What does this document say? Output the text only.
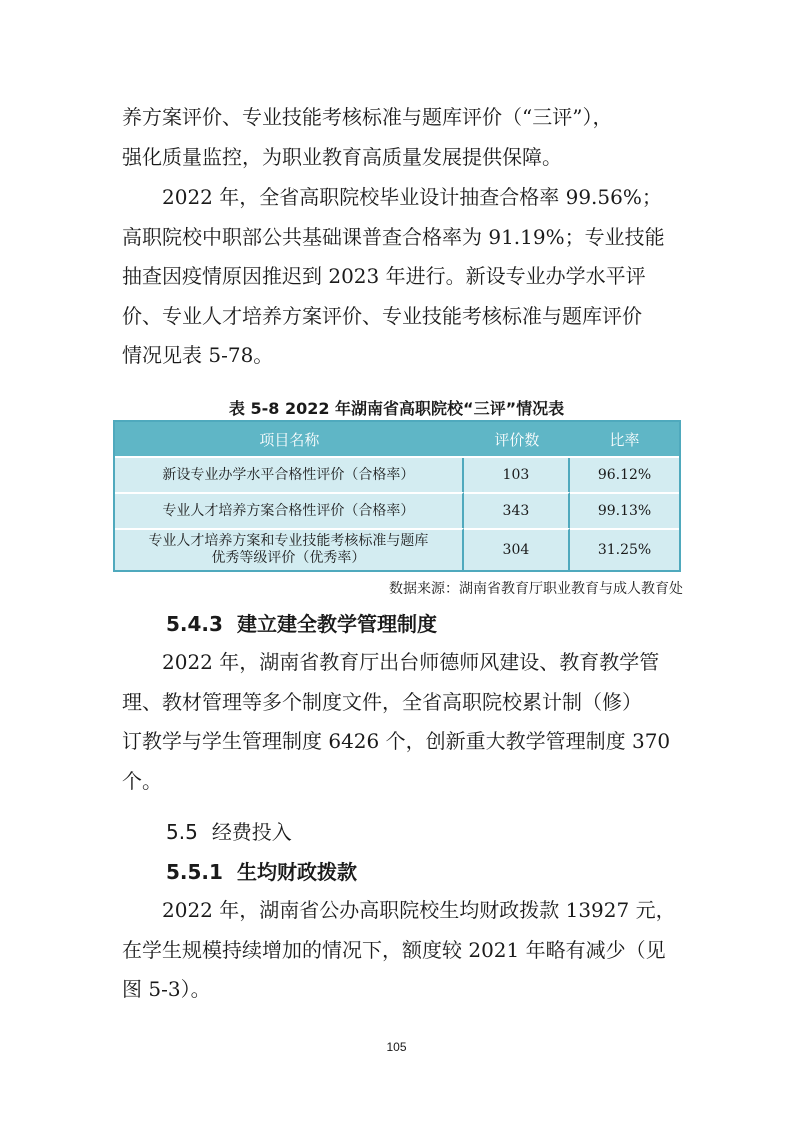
养方案评价、专业技能考核标准与题库评价（“三评”），
强化质量监控，为职业教育高质量发展提供保障。

2022 年，全省高职院校毕业设计抽查合格率 99.56%；
高职院校中职部公共基础课普查合格率为 91.19%；专业技能
抽查因疫情原因推迟到 2023 年进行。新设专业办学水平评
价、专业人才培养方案评价、专业技能考核标准与题库评价
情况见表 5-78。

表 5-8 2022 年湖南省高职院校“三评”情况表

项目名称	评价数	比率
新设专业办学水平合格性评价（合格率）	103	96.12%
专业人才培养方案合格性评价（合格率）	343	99.13%
专业人才培养方案和专业技能考核标准与题库
优秀等级评价（优秀率）	304	31.25%

数据来源：湖南省教育厅职业教育与成人教育处

5.4.3 建立建全教学管理制度

2022 年，湖南省教育厅出台师德师风建设、教育教学管
理、教材管理等多个制度文件，全省高职院校累计制（修）
订教学与学生管理制度 6426 个，创新重大教学管理制度 370
个。

5.5 经费投入

5.5.1 生均财政拨款

2022 年，湖南省公办高职院校生均财政拨款 13927 元，
在学生规模持续增加的情况下，额度较 2021 年略有减少（见
图 5-3）。

105
